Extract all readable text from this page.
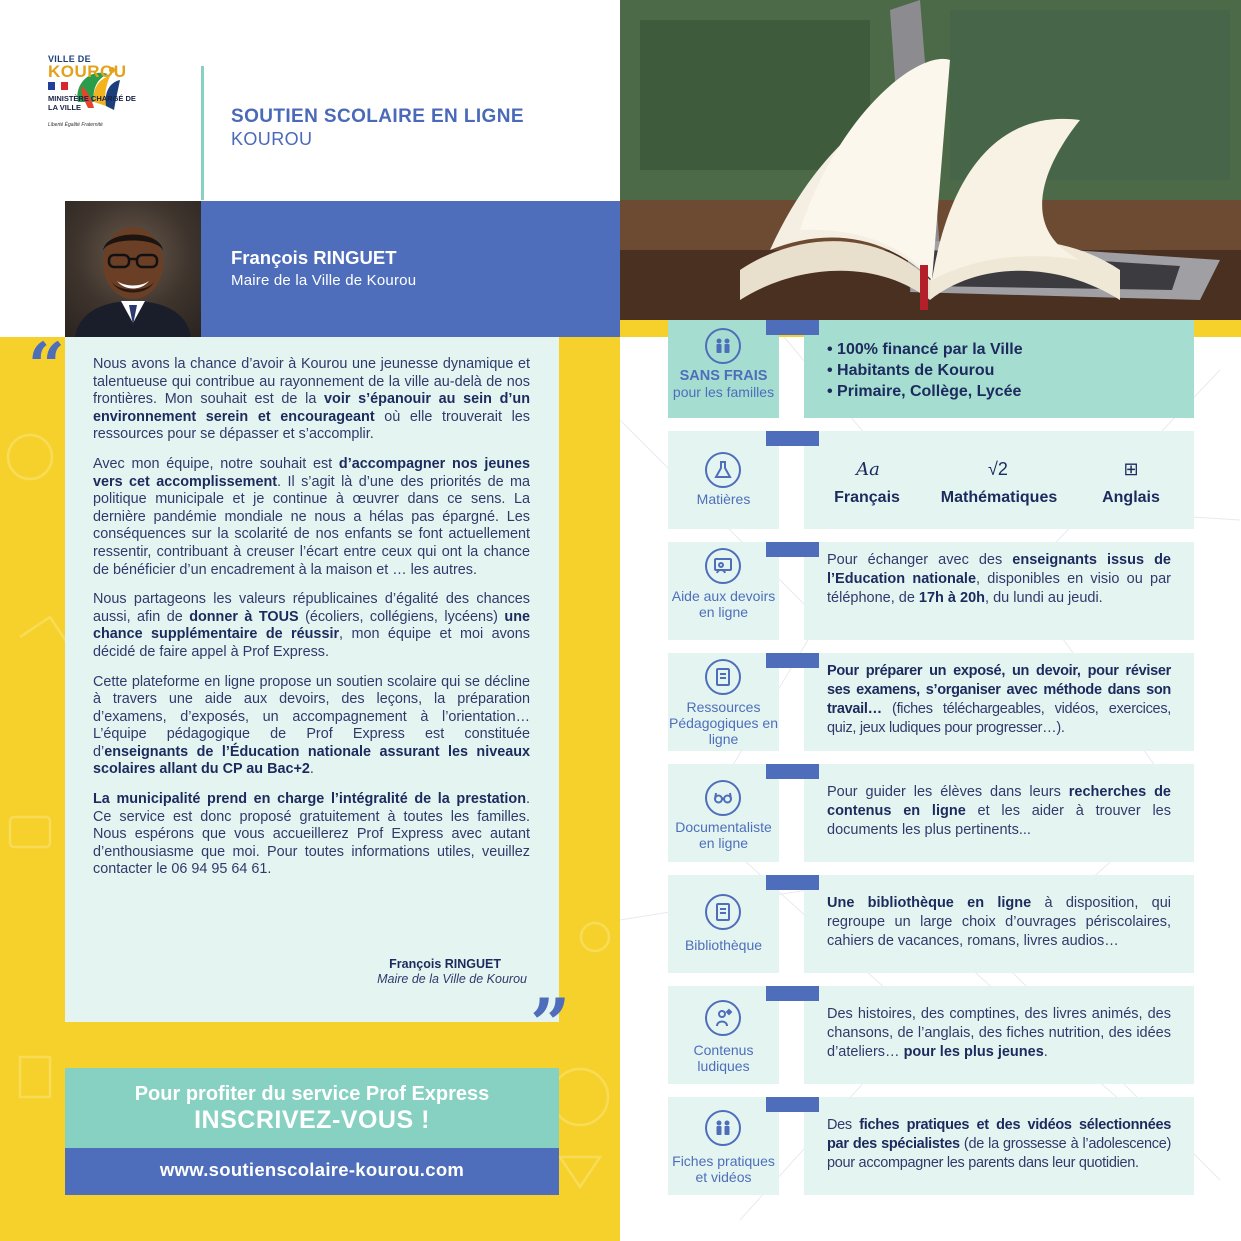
VILLE DE
KOUROU
MINISTÈRE CHARGÉ DE LA VILLE
Liberté Égalité Fraternité	SOUTIEN SCOLAIRE EN LIGNE
KOUROU
François RINGUET
Maire de la Ville de Kourou
“ Nous avons la chance d’avoir à Kourou une jeunesse dynamique et talentueuse qui contribue au rayonnement de la ville au-delà de nos frontières. Mon souhait est de la voir s’épanouir au sein d’un environnement serein et encourageant où elle trouverait les ressources pour se dépasser et s’accomplir.

Avec mon équipe, notre souhait est d’accompagner nos jeunes vers cet accomplissement. Il s’agit là d’une des priorités de ma politique municipale et je continue à œuvrer dans ce sens. La dernière pandémie mondiale ne nous a hélas pas épargné. Les conséquences sur la scolarité de nos enfants se font actuellement ressentir, contribuant à creuser l’écart entre ceux qui ont la chance de bénéficier d’un encadrement à la maison et … les autres.

Nous partageons les valeurs républicaines d’égalité des chances aussi, afin de donner à TOUS (écoliers, collégiens, lycéens) une chance supplémentaire de réussir, mon équipe et moi avons décidé de faire appel à Prof Express.

Cette plateforme en ligne propose un soutien scolaire qui se décline à travers une aide aux devoirs, des leçons, la préparation d’examens, d’exposés, un accompagnement à l’orientation… L’équipe pédagogique de Prof Express est constituée d’enseignants de l’Éducation nationale assurant les niveaux scolaires allant du CP au Bac+2.

La municipalité prend en charge l’intégralité de la prestation. Ce service est donc proposé gratuitement à toutes les familles. Nous espérons que vous accueillerez Prof Express avec autant d’enthousiasme que moi. Pour toutes informations utiles, veuillez contacter le 06 94 95 64 61.

François RINGUET
Maire de la Ville de Kourou
”
Pour profiter du service Prof Express
INSCRIVEZ-VOUS !
www.soutienscolaire-kourou.com
SANS FRAIS
pour les familles
• 100% financé par la Ville
• Habitants de Kourou
• Primaire, Collège, Lycée
Matières
Aa
Français
√2
Mathématiques
⊞
Anglais
Aide aux devoirs en ligne
Pour échanger avec des enseignants issus de l’Education nationale, disponibles en visio ou par téléphone, de 17h à 20h, du lundi au jeudi.
Ressources Pédagogiques en ligne
Pour préparer un exposé, un devoir, pour réviser ses examens, s’organiser avec méthode dans son travail… (fiches téléchargeables, vidéos, exercices, quiz, jeux ludiques pour progresser…).
Documentaliste en ligne
Pour guider les élèves dans leurs recherches de contenus en ligne et les aider à trouver les documents les plus pertinents...
Bibliothèque
Une bibliothèque en ligne à disposition, qui regroupe un large choix d’ouvrages périscolaires, cahiers de vacances, romans, livres audios…
Contenus ludiques
Des histoires, des comptines, des livres animés, des chansons, de l’anglais, des fiches nutrition, des idées d’ateliers… pour les plus jeunes.
Fiches pratiques et vidéos
Des fiches pratiques et des vidéos sélectionnées par des spécialistes (de la grossesse à l’adolescence) pour accompagner les parents dans leur quotidien.
